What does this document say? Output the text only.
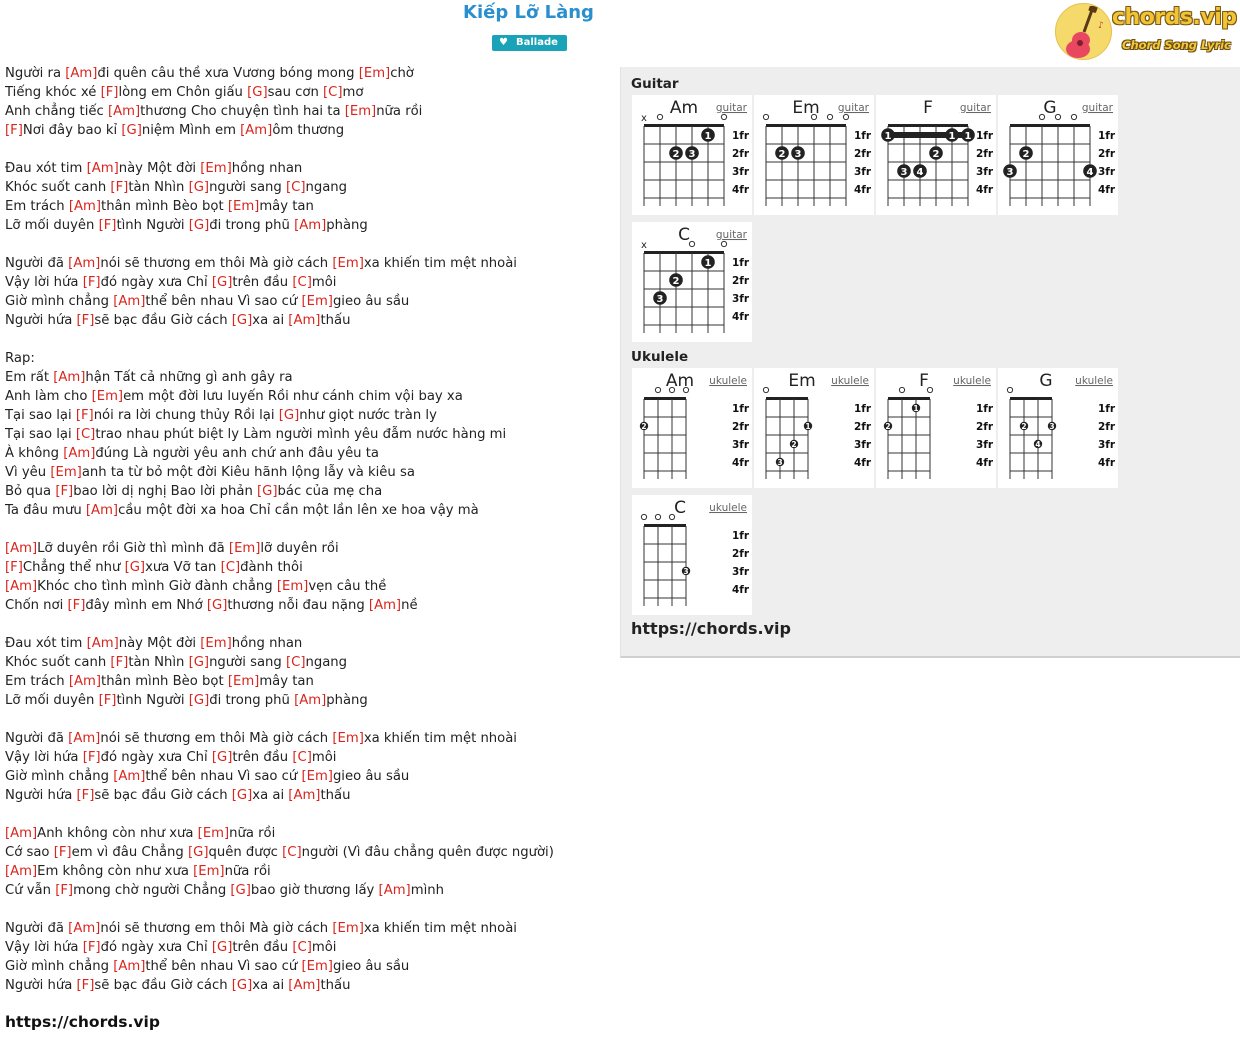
Kiếp Lỡ Làng
♥ Ballade
♪ chords.vip
Chord Song Lyric
Người ra [Am]đi quên câu thề xưa Vương bóng mong [Em]chờ
Tiếng khóc xé [F]lòng em Chôn giấu [G]sau cơn [C]mơ
Anh chẳng tiếc [Am]thương Cho chuyện tình hai ta [Em]nữa rồi
[F]Nơi đây bao kỉ [G]niệm Mình em [Am]ôm thương
Đau xót tim [Am]này Một đời [Em]hồng nhan
Khóc suốt canh [F]tàn Nhìn [G]người sang [C]ngang
Em trách [Am]thân mình Bèo bọt [Em]mây tan
Lỡ mối duyên [F]tình Người [G]đi trong phũ [Am]phàng
Người đã [Am]nói sẽ thương em thôi Mà giờ cách [Em]xa khiến tim mệt nhoài
Vậy lời hứa [F]đó ngày xưa Chỉ [G]trên đầu [C]môi
Giờ mình chẳng [Am]thể bên nhau Vì sao cứ [Em]gieo âu sầu
Người hứa [F]sẽ bạc đầu Giờ cách [G]xa ai [Am]thấu
Rap:
Em rất [Am]hận Tất cả những gì anh gây ra
Anh làm cho [Em]em một đời lưu luyến Rồi như cánh chim vội bay xa
Tại sao lại [F]nói ra lời chung thủy Rồi lại [G]như giọt nước tràn ly
Tại sao lại [C]trao nhau phút biệt ly Làm người mình yêu đẫm nước hàng mi
À không [Am]đúng Là người yêu anh chứ anh đâu yêu ta
Vì yêu [Em]anh ta từ bỏ một đời Kiêu hãnh lộng lẫy và kiêu sa
Bỏ qua [F]bao lời dị nghị Bao lời phản [G]bác của mẹ cha
Ta đâu mưu [Am]cầu một đời xa hoa Chỉ cần một lần lên xe hoa vậy mà
[Am]Lỡ duyên rồi Giờ thì mình đã [Em]lỡ duyên rồi
[F]Chẳng thể như [G]xưa Vỡ tan [C]đành thôi
[Am]Khóc cho tình mình Giờ đành chẳng [Em]vẹn câu thề
Chốn nơi [F]đây mình em Nhớ [G]thương nỗi đau nặng [Am]nề
Đau xót tim [Am]này Một đời [Em]hồng nhan
Khóc suốt canh [F]tàn Nhìn [G]người sang [C]ngang
Em trách [Am]thân mình Bèo bọt [Em]mây tan
Lỡ mối duyên [F]tình Người [G]đi trong phũ [Am]phàng
Người đã [Am]nói sẽ thương em thôi Mà giờ cách [Em]xa khiến tim mệt nhoài
Vậy lời hứa [F]đó ngày xưa Chỉ [G]trên đầu [C]môi
Giờ mình chẳng [Am]thể bên nhau Vì sao cứ [Em]gieo âu sầu
Người hứa [F]sẽ bạc đầu Giờ cách [G]xa ai [Am]thấu
[Am]Anh không còn như xưa [Em]nữa rồi
Cớ sao [F]em vì đâu Chẳng [G]quên được [C]người (Vì đâu chẳng quên được người)
[Am]Em không còn như xưa [Em]nữa rồi
Cứ vẫn [F]mong chờ người Chẳng [G]bao giờ thương lấy [Am]mình
Người đã [Am]nói sẽ thương em thôi Mà giờ cách [Em]xa khiến tim mệt nhoài
Vậy lời hứa [F]đó ngày xưa Chỉ [G]trên đầu [C]môi
Giờ mình chẳng [Am]thể bên nhau Vì sao cứ [Em]gieo âu sầu
Người hứa [F]sẽ bạc đầu Giờ cách [G]xa ai [Am]thấu
https://chords.vip
Guitar
Ukulele
https://chords.vip
Am guitar
1fr
2fr
3fr
4fr
x
1
2 3
Em guitar
1fr
2fr
3fr
4fr
2 3
F	guitar
1fr
2fr
3fr
4fr
1	1 1
2
3 4
G guitar
1fr
2fr
3fr
4fr
2
3	4
C guitar
1fr
2fr
3fr
4fr
x
1
2
3
Am ukulele
1fr
2fr
3fr
4fr
2
Em ukulele
1fr
2fr
3fr
4fr
1
2
3
F ukulele
1fr
2fr
3fr
4fr
1
2
G ukulele
1fr
2fr
3fr
4fr
2	3
4
C ukulele
1fr
2fr
3fr
4fr
3
